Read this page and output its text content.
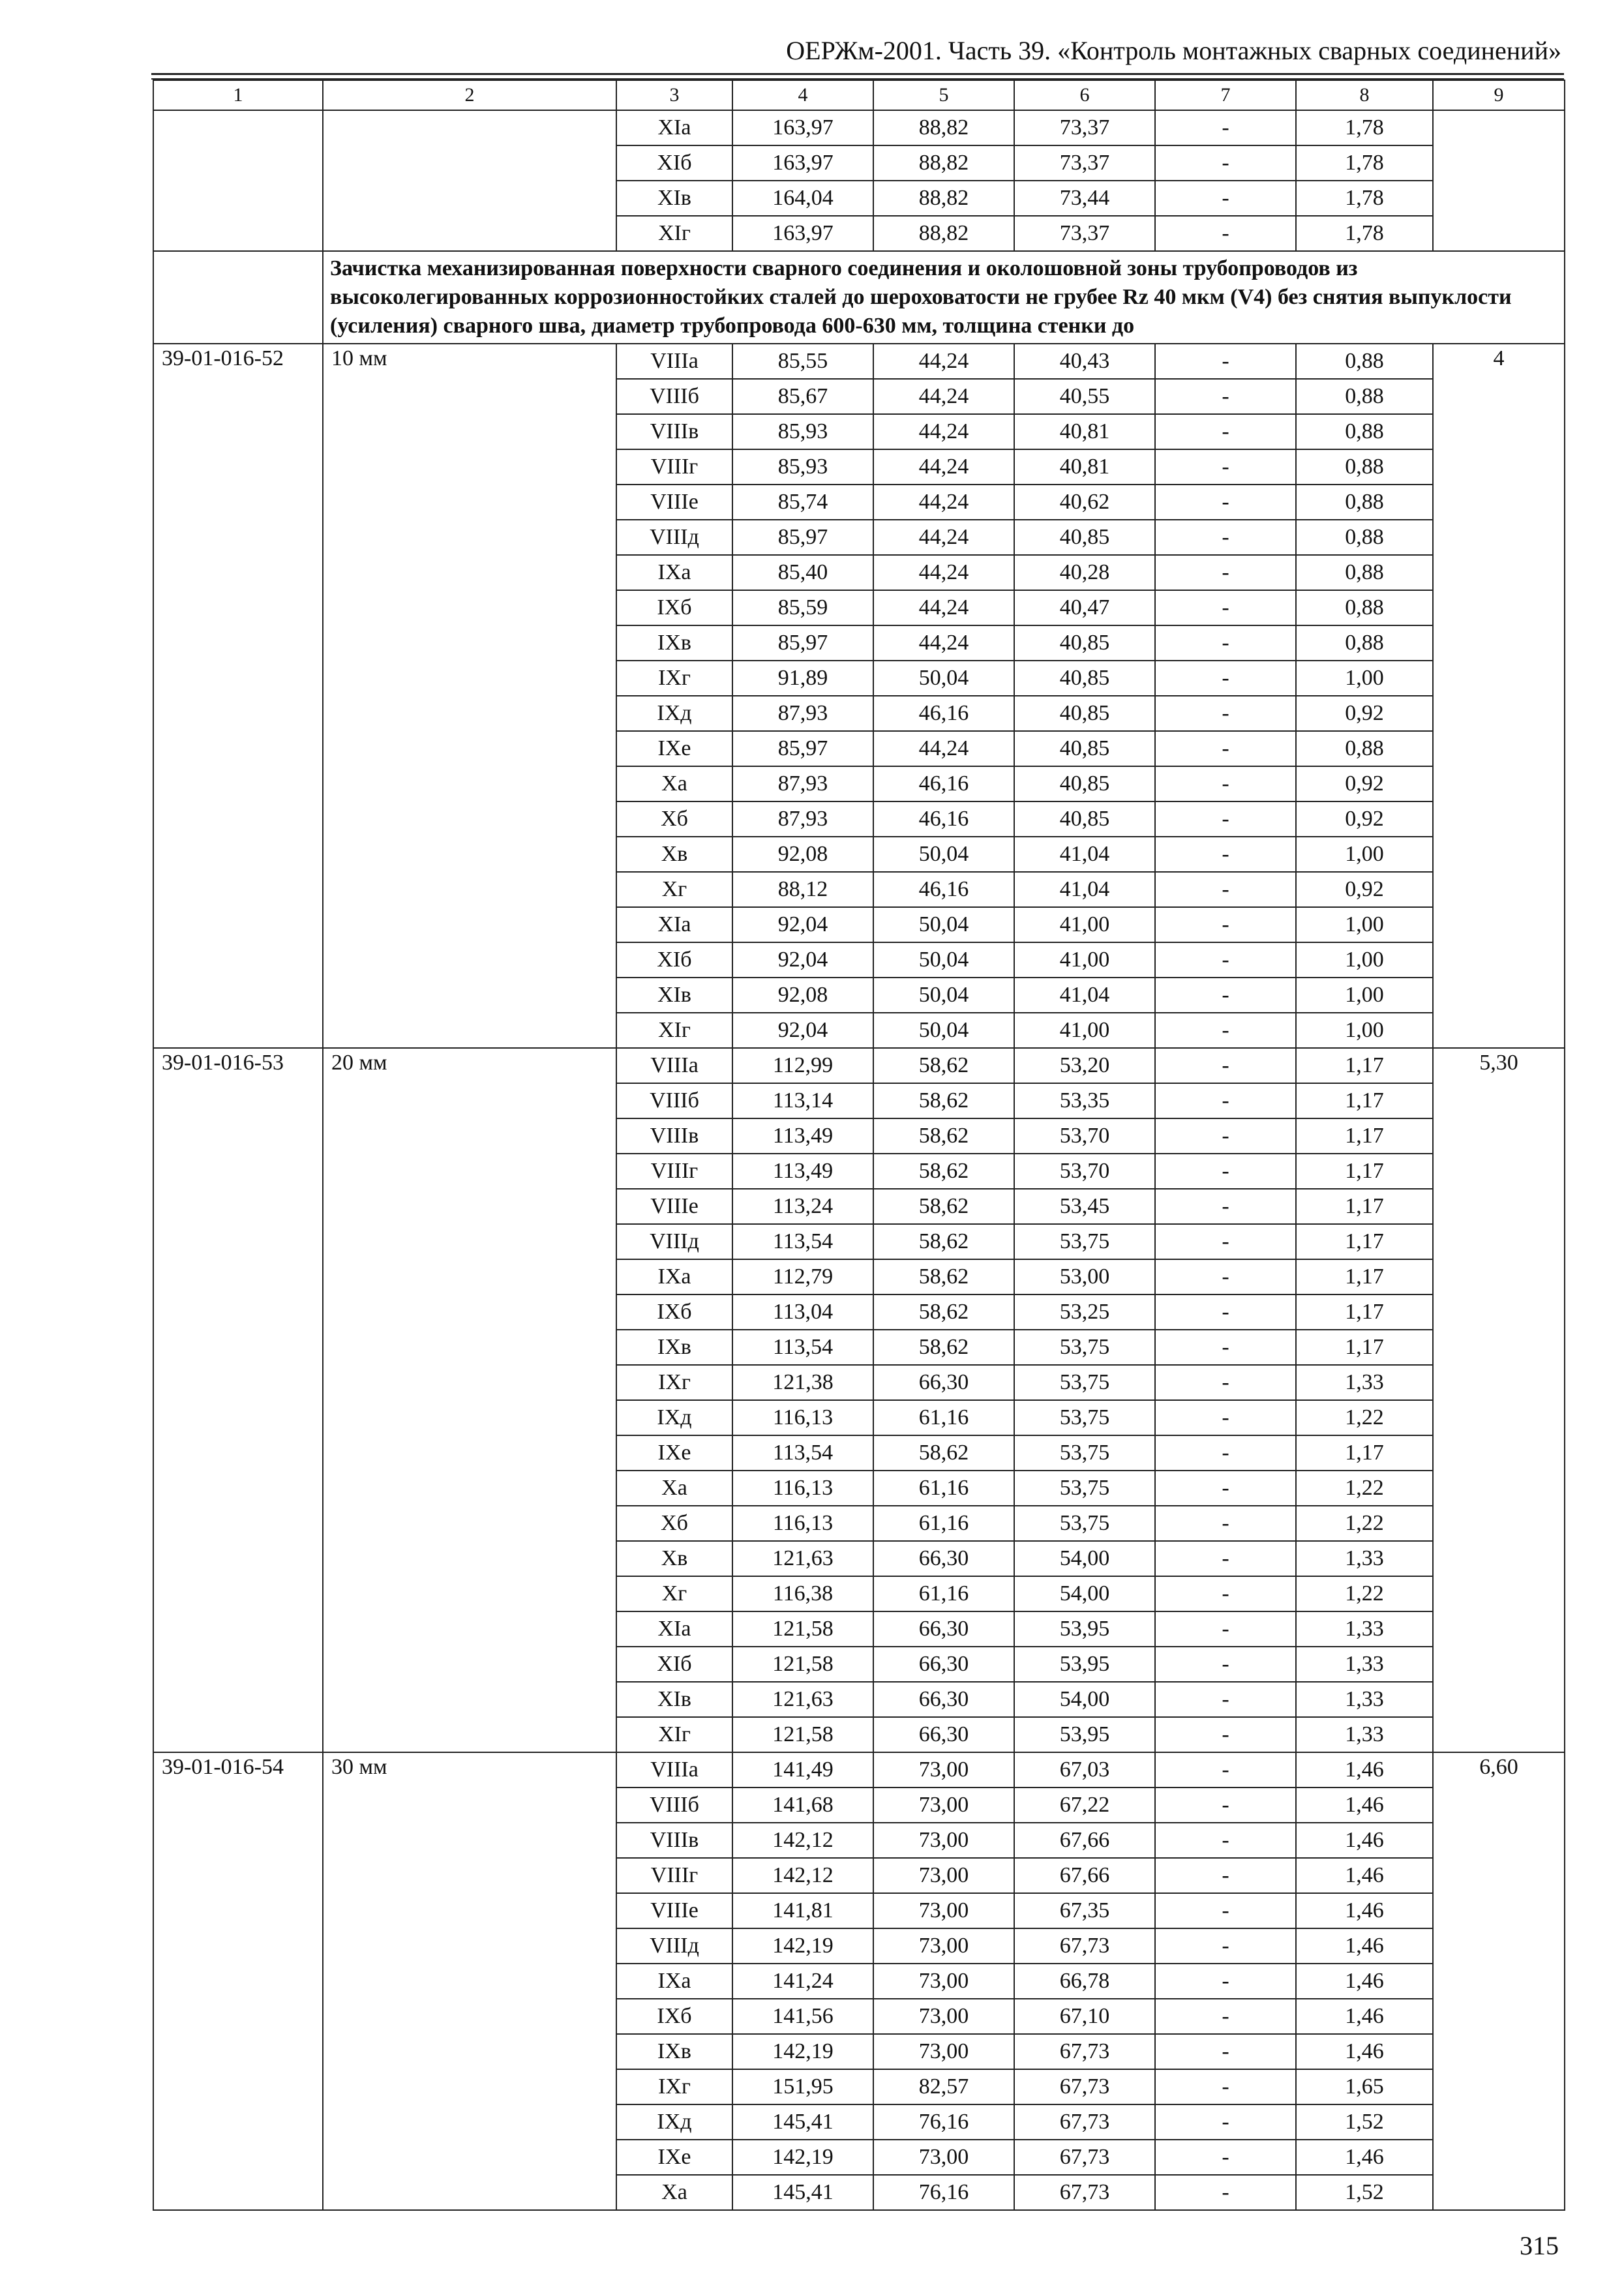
ОЕРЖм-2001. Часть 39. «Контроль монтажных сварных соединений»
1	2	3	4	5	6	7	8	9
		XIа	163,97	88,82	73,37	-	1,78	
		XIб	163,97	88,82	73,37	-	1,78	
		XIв	164,04	88,82	73,44	-	1,78	
		XIг	163,97	88,82	73,37	-	1,78	
	Зачистка механизированная поверхности сварного соединения и околошовной зоны трубопроводов из высоколегированных коррозионностойких сталей до шероховатости не грубее Rz 40 мкм (V4) без снятия выпуклости (усиления) сварного шва, диаметр трубопровода 600-630 мм, толщина стенки до							
39-01-016-52	10 мм	VIIIа	85,55	44,24	40,43	-	0,88	4
		VIIIб	85,67	44,24	40,55	-	0,88	
		VIIIв	85,93	44,24	40,81	-	0,88	
		VIIIг	85,93	44,24	40,81	-	0,88	
		VIIIе	85,74	44,24	40,62	-	0,88	
		VIIIд	85,97	44,24	40,85	-	0,88	
		IXа	85,40	44,24	40,28	-	0,88	
		IXб	85,59	44,24	40,47	-	0,88	
		IXв	85,97	44,24	40,85	-	0,88	
		IXг	91,89	50,04	40,85	-	1,00	
		IXд	87,93	46,16	40,85	-	0,92	
		IXе	85,97	44,24	40,85	-	0,88	
		Xа	87,93	46,16	40,85	-	0,92	
		Xб	87,93	46,16	40,85	-	0,92	
		Xв	92,08	50,04	41,04	-	1,00	
		Xг	88,12	46,16	41,04	-	0,92	
		XIа	92,04	50,04	41,00	-	1,00	
		XIб	92,04	50,04	41,00	-	1,00	
		XIв	92,08	50,04	41,04	-	1,00	
		XIг	92,04	50,04	41,00	-	1,00	
39-01-016-53	20 мм	VIIIа	112,99	58,62	53,20	-	1,17	5,30
		VIIIб	113,14	58,62	53,35	-	1,17	
		VIIIв	113,49	58,62	53,70	-	1,17	
		VIIIг	113,49	58,62	53,70	-	1,17	
		VIIIе	113,24	58,62	53,45	-	1,17	
		VIIIд	113,54	58,62	53,75	-	1,17	
		IXа	112,79	58,62	53,00	-	1,17	
		IXб	113,04	58,62	53,25	-	1,17	
		IXв	113,54	58,62	53,75	-	1,17	
		IXг	121,38	66,30	53,75	-	1,33	
		IXд	116,13	61,16	53,75	-	1,22	
		IXе	113,54	58,62	53,75	-	1,17	
		Xа	116,13	61,16	53,75	-	1,22	
		Xб	116,13	61,16	53,75	-	1,22	
		Xв	121,63	66,30	54,00	-	1,33	
		Xг	116,38	61,16	54,00	-	1,22	
		XIа	121,58	66,30	53,95	-	1,33	
		XIб	121,58	66,30	53,95	-	1,33	
		XIв	121,63	66,30	54,00	-	1,33	
		XIг	121,58	66,30	53,95	-	1,33	
39-01-016-54	30 мм	VIIIа	141,49	73,00	67,03	-	1,46	6,60
		VIIIб	141,68	73,00	67,22	-	1,46	
		VIIIв	142,12	73,00	67,66	-	1,46	
		VIIIг	142,12	73,00	67,66	-	1,46	
		VIIIе	141,81	73,00	67,35	-	1,46	
		VIIIд	142,19	73,00	67,73	-	1,46	
		IXа	141,24	73,00	66,78	-	1,46	
		IXб	141,56	73,00	67,10	-	1,46	
		IXв	142,19	73,00	67,73	-	1,46	
		IXг	151,95	82,57	67,73	-	1,65	
		IXд	145,41	76,16	67,73	-	1,52	
		IXе	142,19	73,00	67,73	-	1,46	
		Xа	145,41	76,16	67,73	-	1,52	
315
